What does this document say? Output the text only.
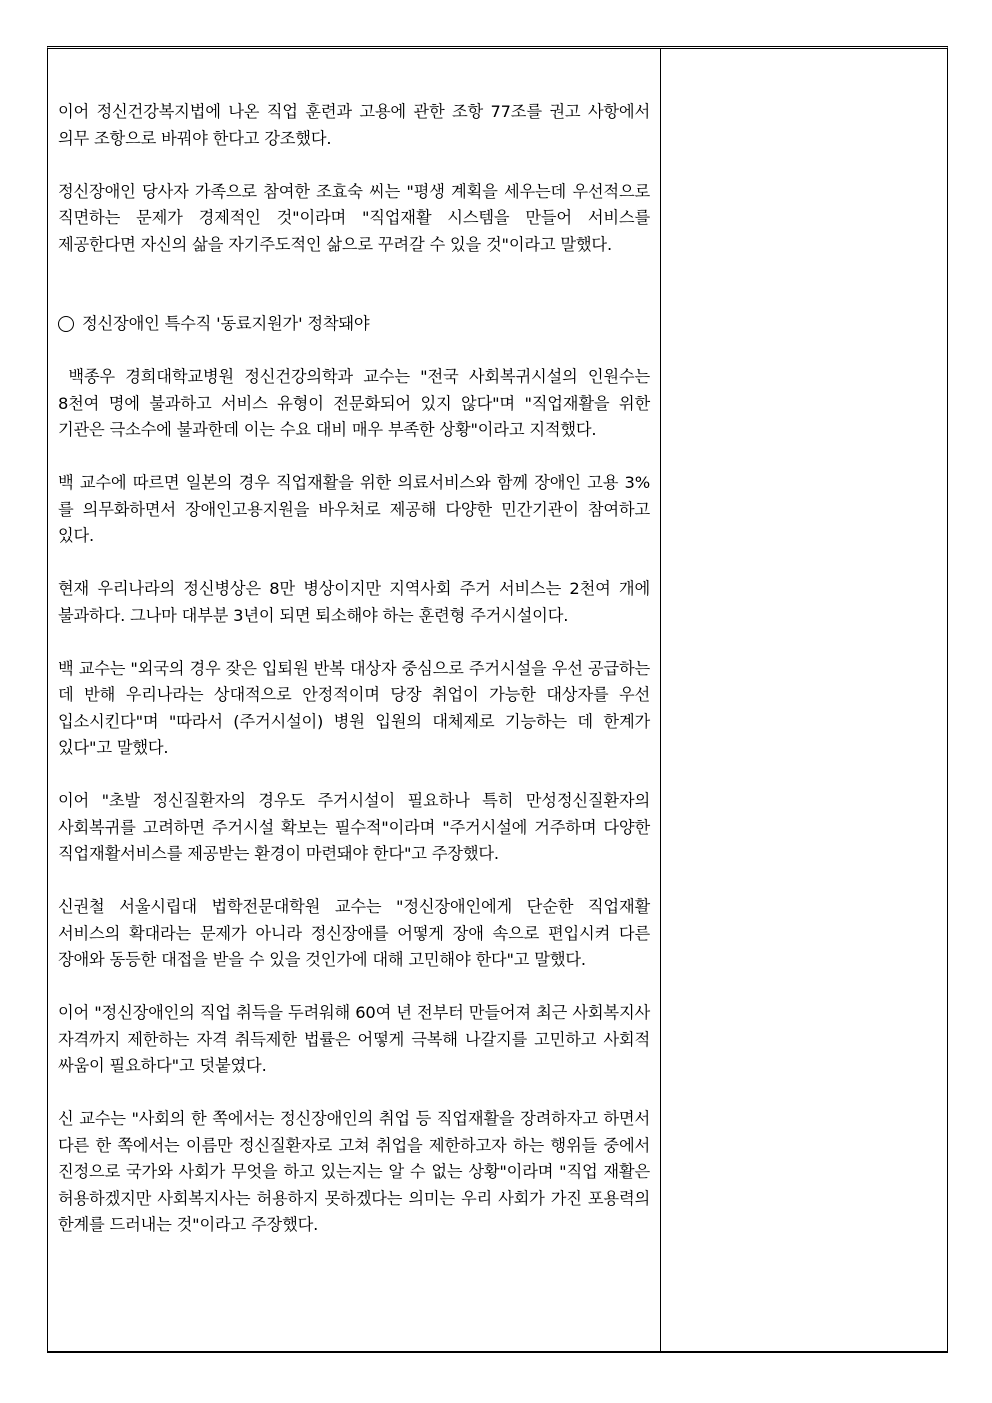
이어 정신건강복지법에 나온 직업 훈련과 고용에 관한 조항 77조를 권고 사항에서 의무 조항으로 바꿔야 한다고 강조했다.

정신장애인 당사자 가족으로 참여한 조효숙 씨는 "평생 계획을 세우는데 우선적으로 직면하는 문제가 경제적인 것"이라며 "직업재활 시스템을 만들어 서비스를 제공한다면 자신의 삶을 자기주도적인 삶으로 꾸려갈 수 있을 것"이라고 말했다.

정신장애인 특수직 '동료지원가' 정착돼야

백종우 경희대학교병원 정신건강의학과 교수는 "전국 사회복귀시설의 인원수는 8천여 명에 불과하고 서비스 유형이 전문화되어 있지 않다"며 "직업재활을 위한 기관은 극소수에 불과한데 이는 수요 대비 매우 부족한 상황"이라고 지적했다.

백 교수에 따르면 일본의 경우 직업재활을 위한 의료서비스와 함께 장애인 고용 3%를 의무화하면서 장애인고용지원을 바우처로 제공해 다양한 민간기관이 참여하고 있다.

현재 우리나라의 정신병상은 8만 병상이지만 지역사회 주거 서비스는 2천여 개에 불과하다. 그나마 대부분 3년이 되면 퇴소해야 하는 훈련형 주거시설이다.

백 교수는 "외국의 경우 잦은 입퇴원 반복 대상자 중심으로 주거시설을 우선 공급하는 데 반해 우리나라는 상대적으로 안정적이며 당장 취업이 가능한 대상자를 우선 입소시킨다"며 "따라서 (주거시설이) 병원 입원의 대체제로 기능하는 데 한계가 있다"고 말했다.

이어 "초발 정신질환자의 경우도 주거시설이 필요하나 특히 만성정신질환자의 사회복귀를 고려하면 주거시설 확보는 필수적"이라며 "주거시설에 거주하며 다양한 직업재활서비스를 제공받는 환경이 마련돼야 한다"고 주장했다.

신권철 서울시립대 법학전문대학원 교수는 "정신장애인에게 단순한 직업재활 서비스의 확대라는 문제가 아니라 정신장애를 어떻게 장애 속으로 편입시켜 다른 장애와 동등한 대접을 받을 수 있을 것인가에 대해 고민해야 한다"고 말했다.

이어 "정신장애인의 직업 취득을 두려워해 60여 년 전부터 만들어져 최근 사회복지사 자격까지 제한하는 자격 취득제한 법률은 어떻게 극복해 나갈지를 고민하고 사회적 싸움이 필요하다"고 덧붙였다.

신 교수는 "사회의 한 쪽에서는 정신장애인의 취업 등 직업재활을 장려하자고 하면서 다른 한 쪽에서는 이름만 정신질환자로 고쳐 취업을 제한하고자 하는 행위들 중에서 진정으로 국가와 사회가 무엇을 하고 있는지는 알 수 없는 상황"이라며 "직업 재활은 허용하겠지만 사회복지사는 허용하지 못하겠다는 의미는 우리 사회가 가진 포용력의 한계를 드러내는 것"이라고 주장했다.
